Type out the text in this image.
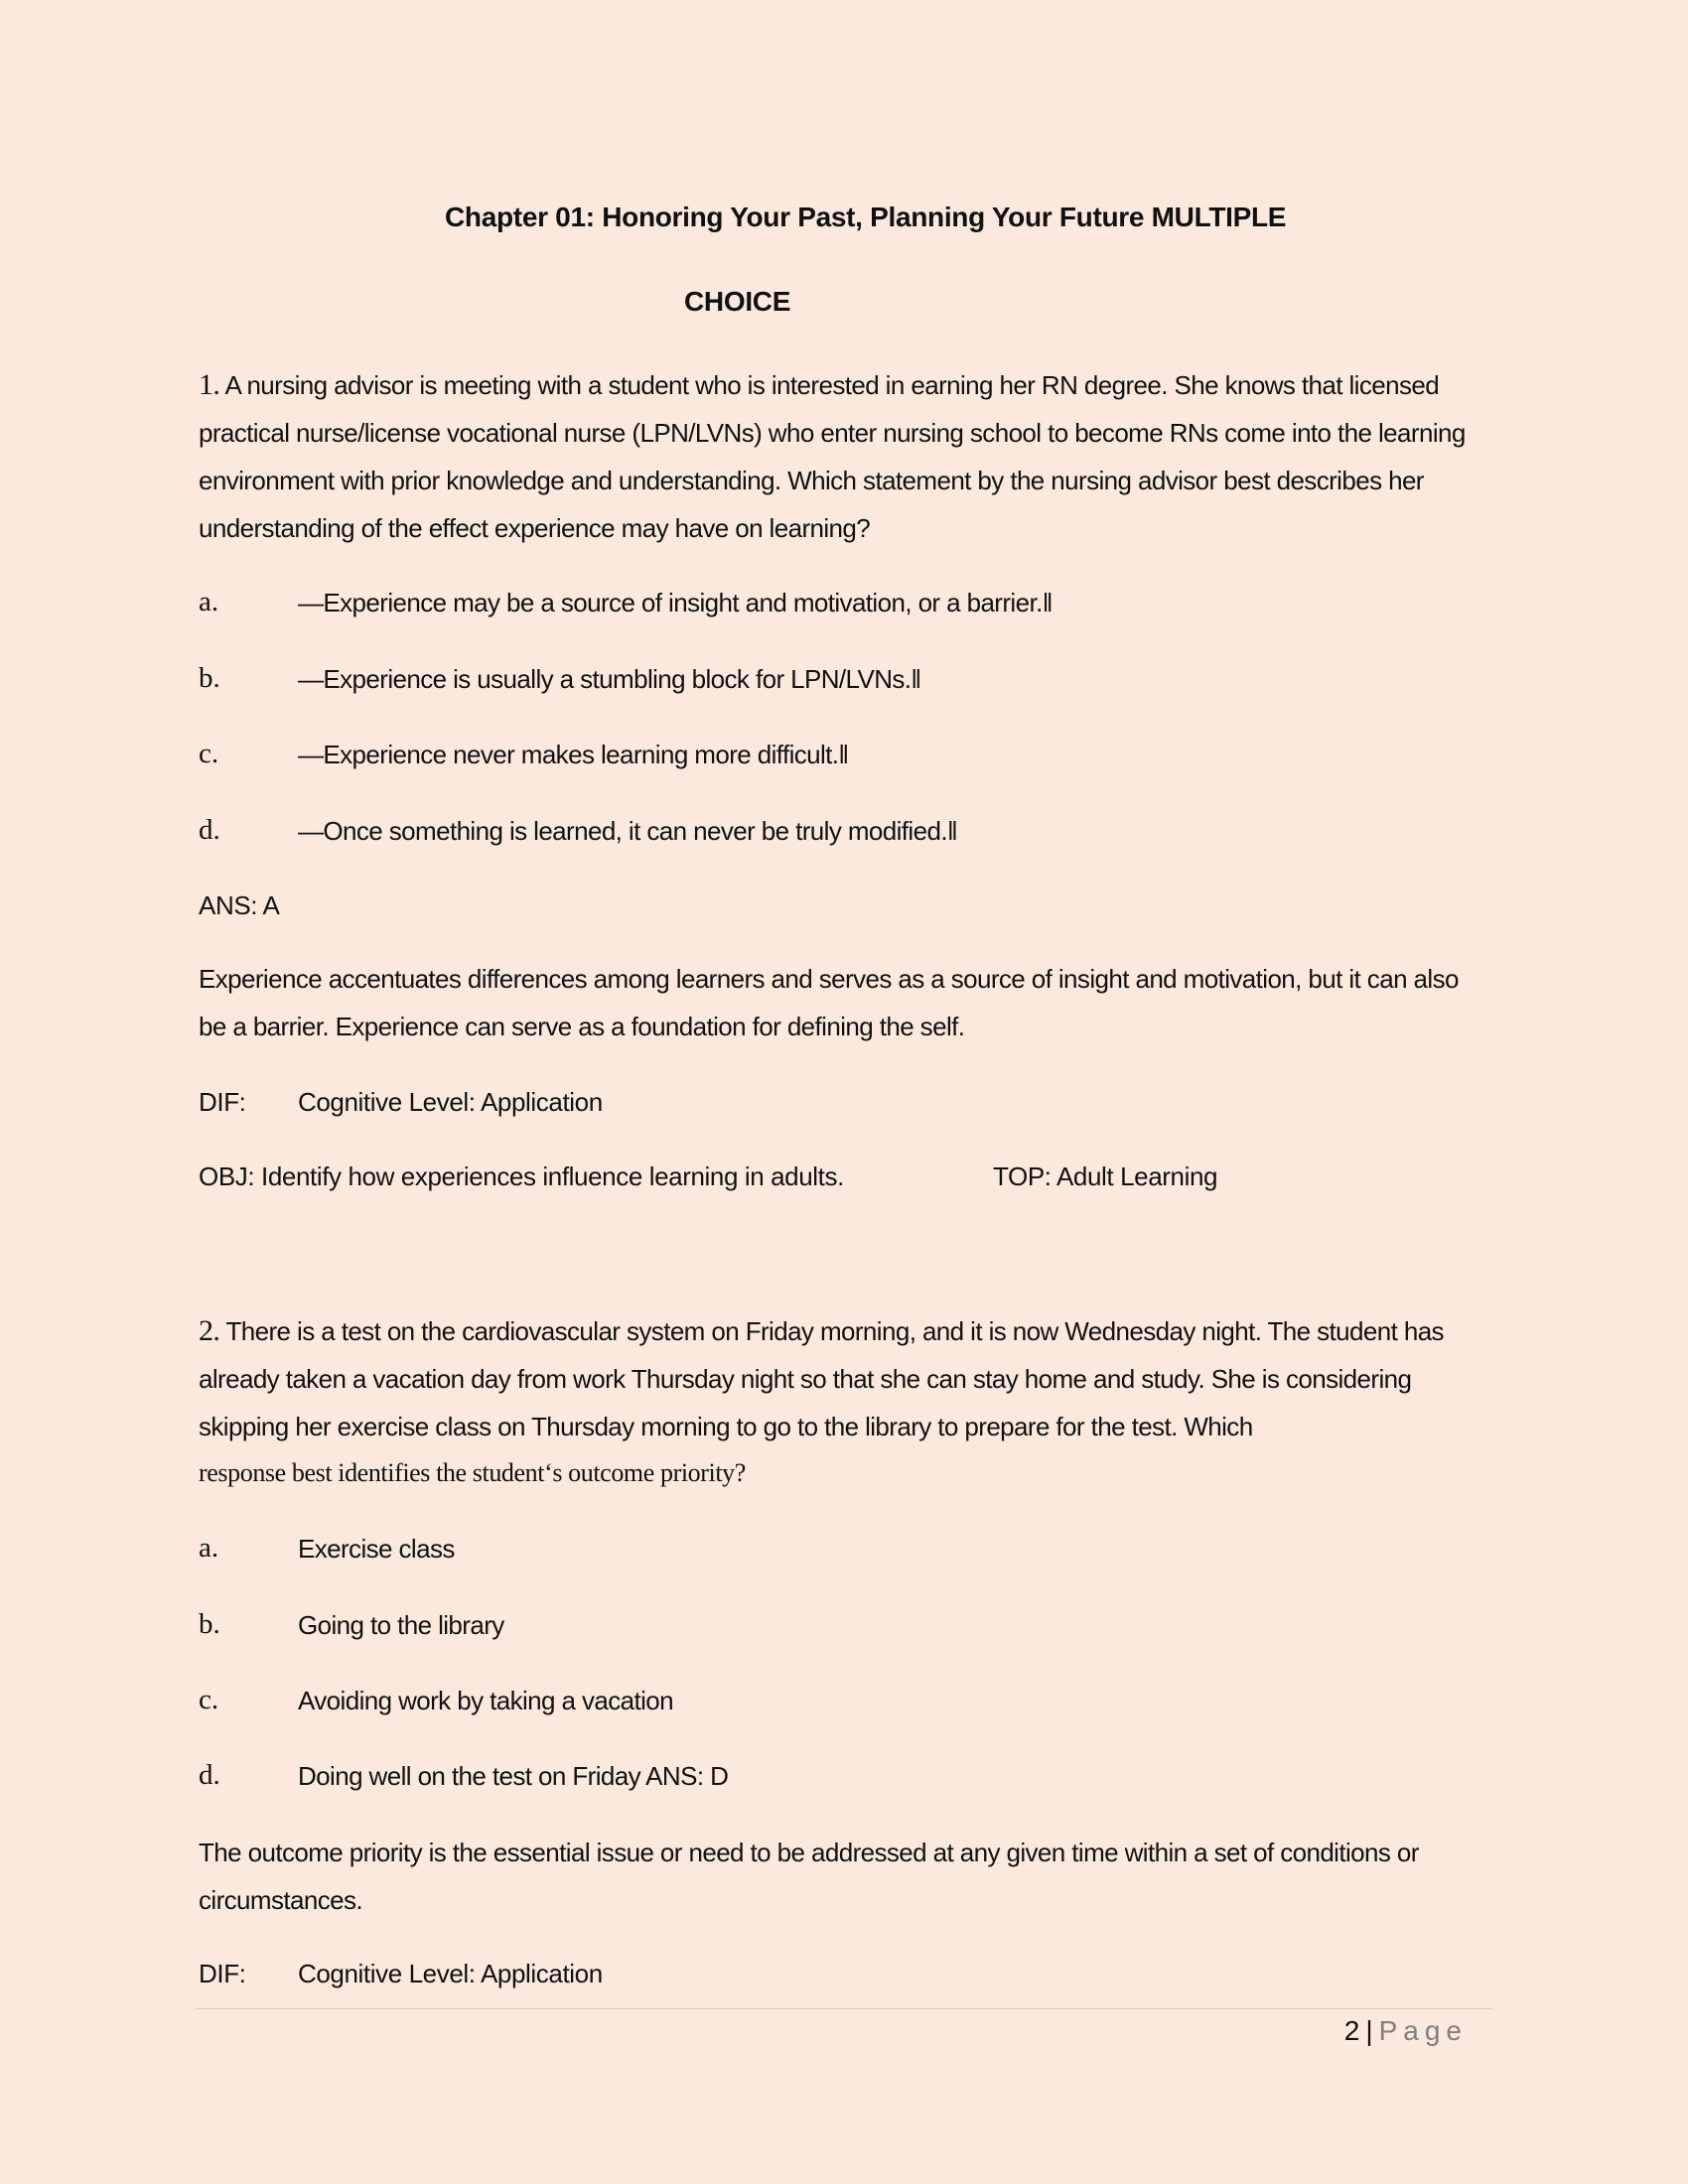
Chapter 01: Honoring Your Past, Planning Your Future MULTIPLE
CHOICE
1. A nursing advisor is meeting with a student who is interested in earning her RN degree. She knows that licensed practical nurse/license vocational nurse (LPN/LVNs) who enter nursing school to become RNs come into the learning environment with prior knowledge and understanding. Which statement by the nursing advisor best describes her understanding of the effect experience may have on learning?
a.	—Experience may be a source of insight and motivation, or a barrier.‖
b.	—Experience is usually a stumbling block for LPN/LVNs.‖
c.	—Experience never makes learning more difficult.‖
d.	—Once something is learned, it can never be truly modified.‖
ANS: A
Experience accentuates differences among learners and serves as a source of insight and motivation, but it can also be a barrier. Experience can serve as a foundation for defining the self.
DIF: Cognitive Level: Application
OBJ: Identify how experiences influence learning in adults.	TOP: Adult Learning
2. There is a test on the cardiovascular system on Friday morning, and it is now Wednesday night. The student has already taken a vacation day from work Thursday night so that she can stay home and study. She is considering skipping her exercise class on Thursday morning to go to the library to prepare for the test. Which
response best identifies the student‘s outcome priority?
a.	Exercise class
b.	Going to the library
c.	Avoiding work by taking a vacation
d.	Doing well on the test on Friday ANS: D
The outcome priority is the essential issue or need to be addressed at any given time within a set of conditions or circumstances.
DIF: Cognitive Level: Application
2 | Page
